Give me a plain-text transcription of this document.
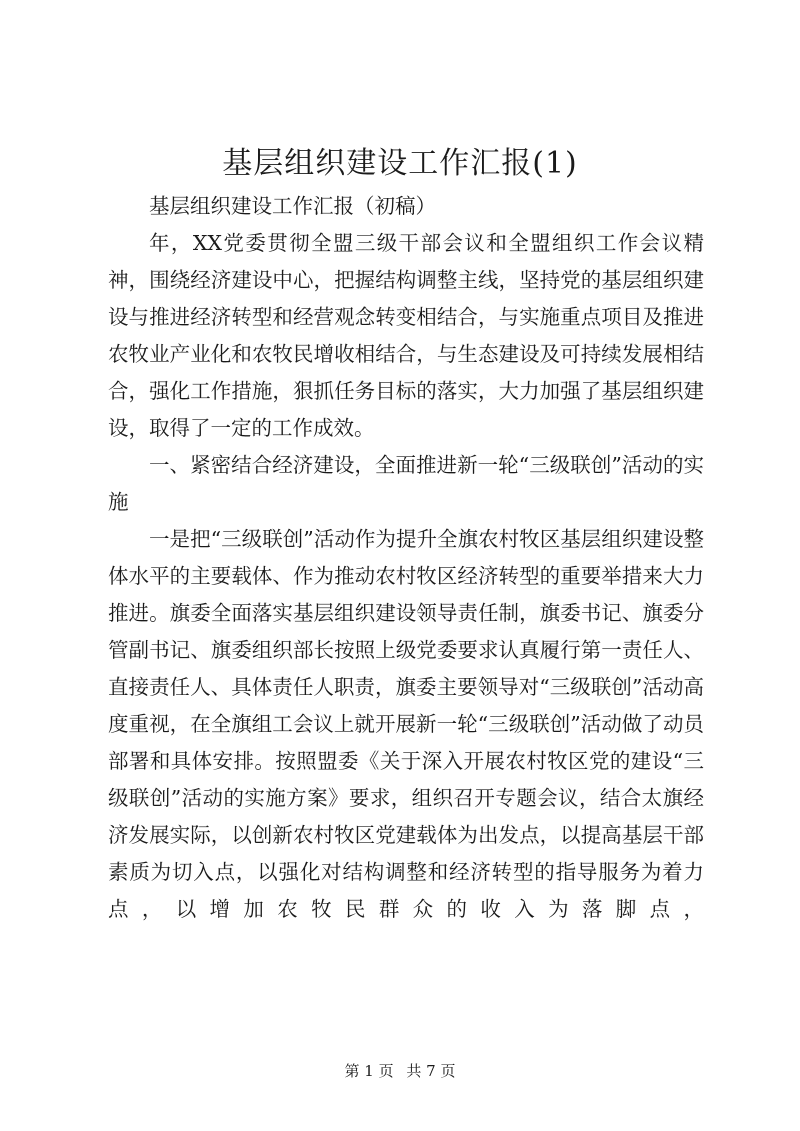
基层组织建设工作汇报(1)

基层组织建设工作汇报（初稿）

年，XX党委贯彻全盟三级干部会议和全盟组织工作会议精神，围绕经济建设中心，把握结构调整主线，坚持党的基层组织建设与推进经济转型和经营观念转变相结合，与实施重点项目及推进农牧业产业化和农牧民增收相结合，与生态建设及可持续发展相结合，强化工作措施，狠抓任务目标的落实，大力加强了基层组织建设，取得了一定的工作成效。

一、紧密结合经济建设，全面推进新一轮“三级联创”活动的实施

一是把“三级联创”活动作为提升全旗农村牧区基层组织建设整体水平的主要载体、作为推动农村牧区经济转型的重要举措来大力推进。旗委全面落实基层组织建设领导责任制，旗委书记、旗委分管副书记、旗委组织部长按照上级党委要求认真履行第一责任人、直接责任人、具体责任人职责，旗委主要领导对“三级联创”活动高度重视，在全旗组工会议上就开展新一轮“三级联创”活动做了动员部署和具体安排。按照盟委《关于深入开展农村牧区党的建设“三级联创”活动的实施方案》要求，组织召开专题会议，结合太旗经济发展实际，以创新农村牧区党建载体为出发点，以提高基层干部素质为切入点，以强化对结构调整和经济转型的指导服务为着力点，以增加农牧民群众的收入为落脚点，

第 1 页 共 7 页
